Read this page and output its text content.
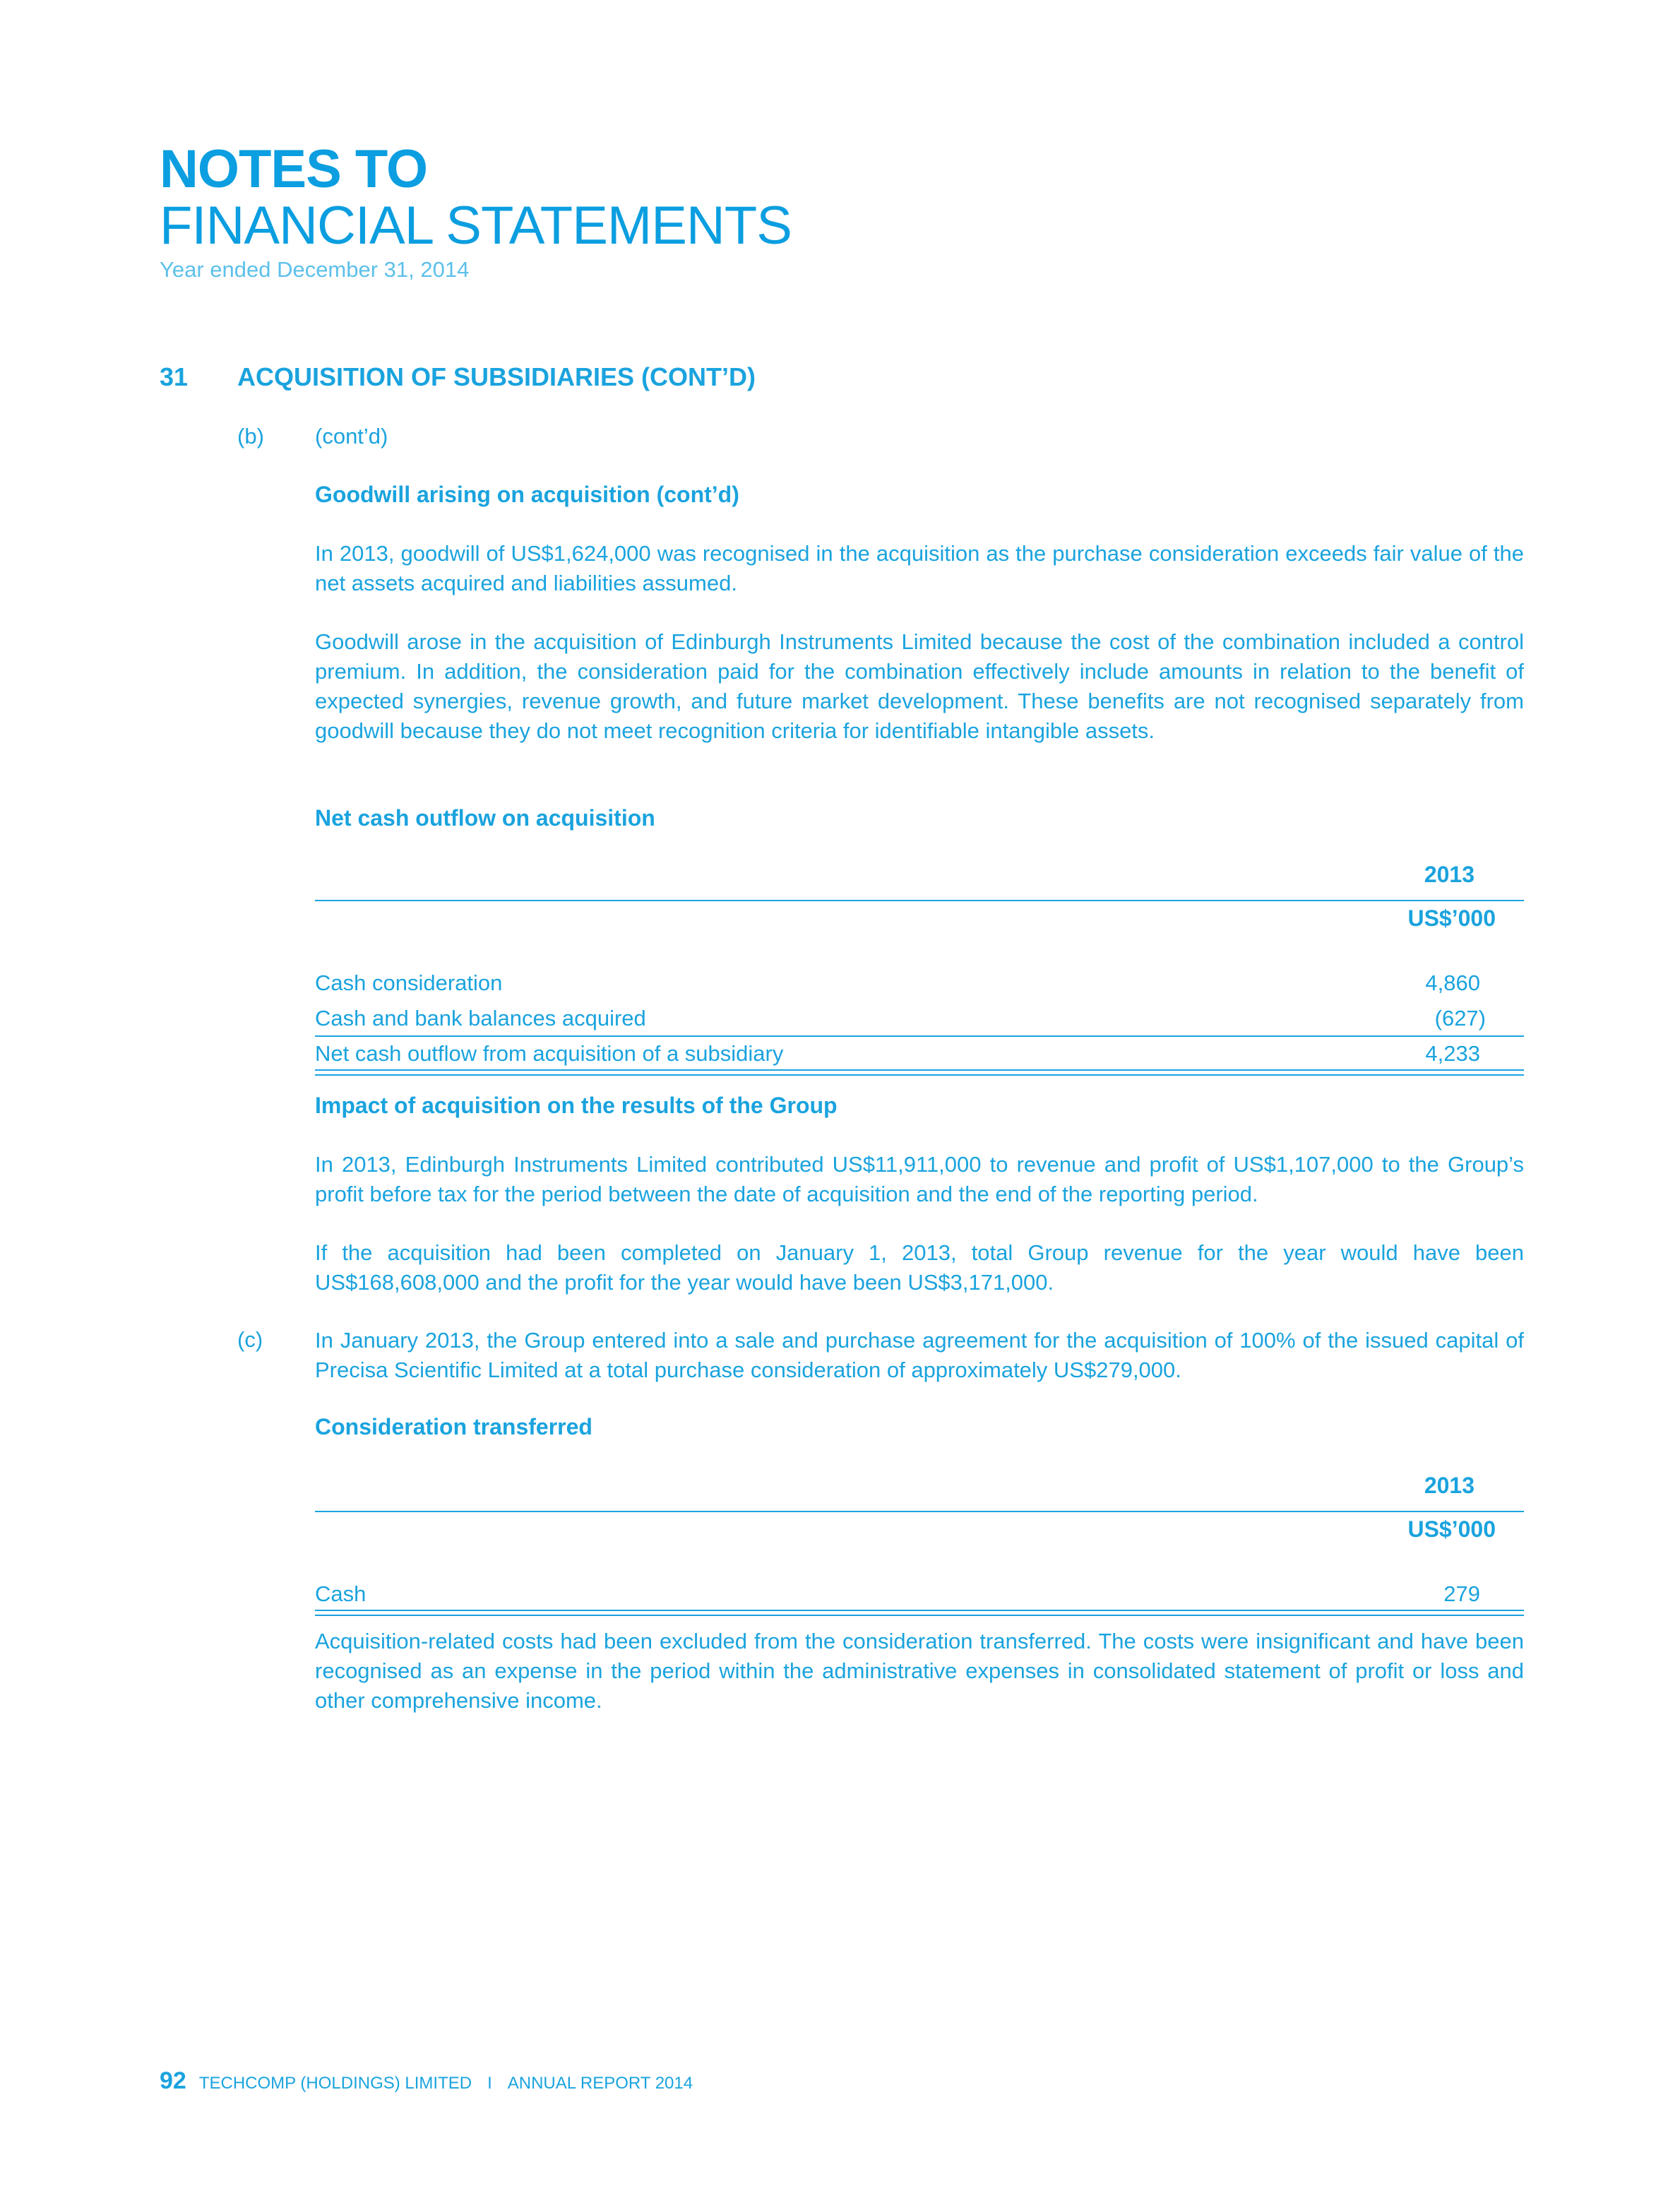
NOTES TO
FINANCIAL STATEMENTS
Year ended December 31, 2014
31 ACQUISITION OF SUBSIDIARIES (CONT’D)
(b) (cont’d)
Goodwill arising on acquisition (cont’d)
In 2013, goodwill of US$1,624,000 was recognised in the acquisition as the purchase consideration exceeds fair value of the net assets acquired and liabilities assumed.
Goodwill arose in the acquisition of Edinburgh Instruments Limited because the cost of the combination included a control premium. In addition, the consideration paid for the combination effectively include amounts in relation to the benefit of expected synergies, revenue growth, and future market development. These benefits are not recognised separately from goodwill because they do not meet recognition criteria for identifiable intangible assets.
Net cash outflow on acquisition
2013
US$’000
Cash consideration	4,860
Cash and bank balances acquired	(627)
Net cash outflow from acquisition of a subsidiary	4,233
Impact of acquisition on the results of the Group
In 2013, Edinburgh Instruments Limited contributed US$11,911,000 to revenue and profit of US$1,107,000 to the Group’s profit before tax for the period between the date of acquisition and the end of the reporting period.
If the acquisition had been completed on January 1, 2013, total Group revenue for the year would have been US$168,608,000 and the profit for the year would have been US$3,171,000.
(c) In January 2013, the Group entered into a sale and purchase agreement for the acquisition of 100% of the issued capital of Precisa Scientific Limited at a total purchase consideration of approximately US$279,000.
Consideration transferred
2013
US$’000
Cash	279
Acquisition-related costs had been excluded from the consideration transferred. The costs were insignificant and have been recognised as an expense in the period within the administrative expenses in consolidated statement of profit or loss and other comprehensive income.
92 TECHCOMP (HOLDINGS) LIMITED I ANNUAL REPORT 2014
